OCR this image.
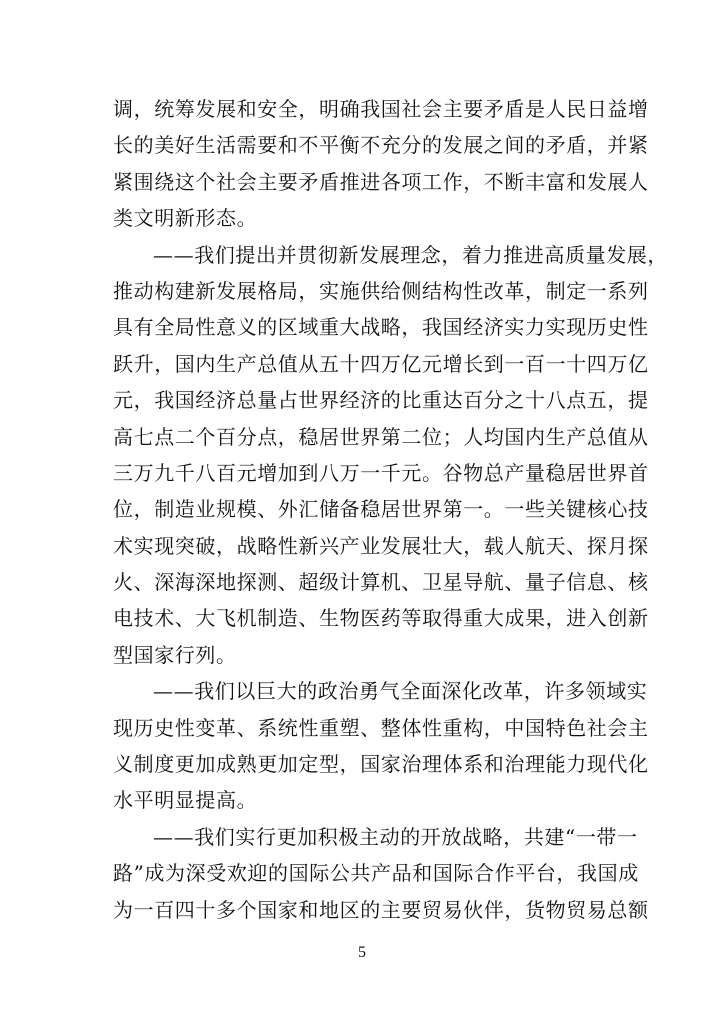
调，统筹发展和安全，明确我国社会主要矛盾是人民日益增
长的美好生活需要和不平衡不充分的发展之间的矛盾，并紧
紧围绕这个社会主要矛盾推进各项工作，不断丰富和发展人
类文明新形态。
——我们提出并贯彻新发展理念，着力推进高质量发展，
推动构建新发展格局，实施供给侧结构性改革，制定一系列
具有全局性意义的区域重大战略，我国经济实力实现历史性
跃升，国内生产总值从五十四万亿元增长到一百一十四万亿
元，我国经济总量占世界经济的比重达百分之十八点五，提
高七点二个百分点，稳居世界第二位；人均国内生产总值从
三万九千八百元增加到八万一千元。谷物总产量稳居世界首
位，制造业规模、外汇储备稳居世界第一。一些关键核心技
术实现突破，战略性新兴产业发展壮大，载人航天、探月探
火、深海深地探测、超级计算机、卫星导航、量子信息、核
电技术、大飞机制造、生物医药等取得重大成果，进入创新
型国家行列。
——我们以巨大的政治勇气全面深化改革，许多领域实
现历史性变革、系统性重塑、整体性重构，中国特色社会主
义制度更加成熟更加定型，国家治理体系和治理能力现代化
水平明显提高。
——我们实行更加积极主动的开放战略，共建“一带一
路”成为深受欢迎的国际公共产品和国际合作平台，我国成
为一百四十多个国家和地区的主要贸易伙伴，货物贸易总额
5
